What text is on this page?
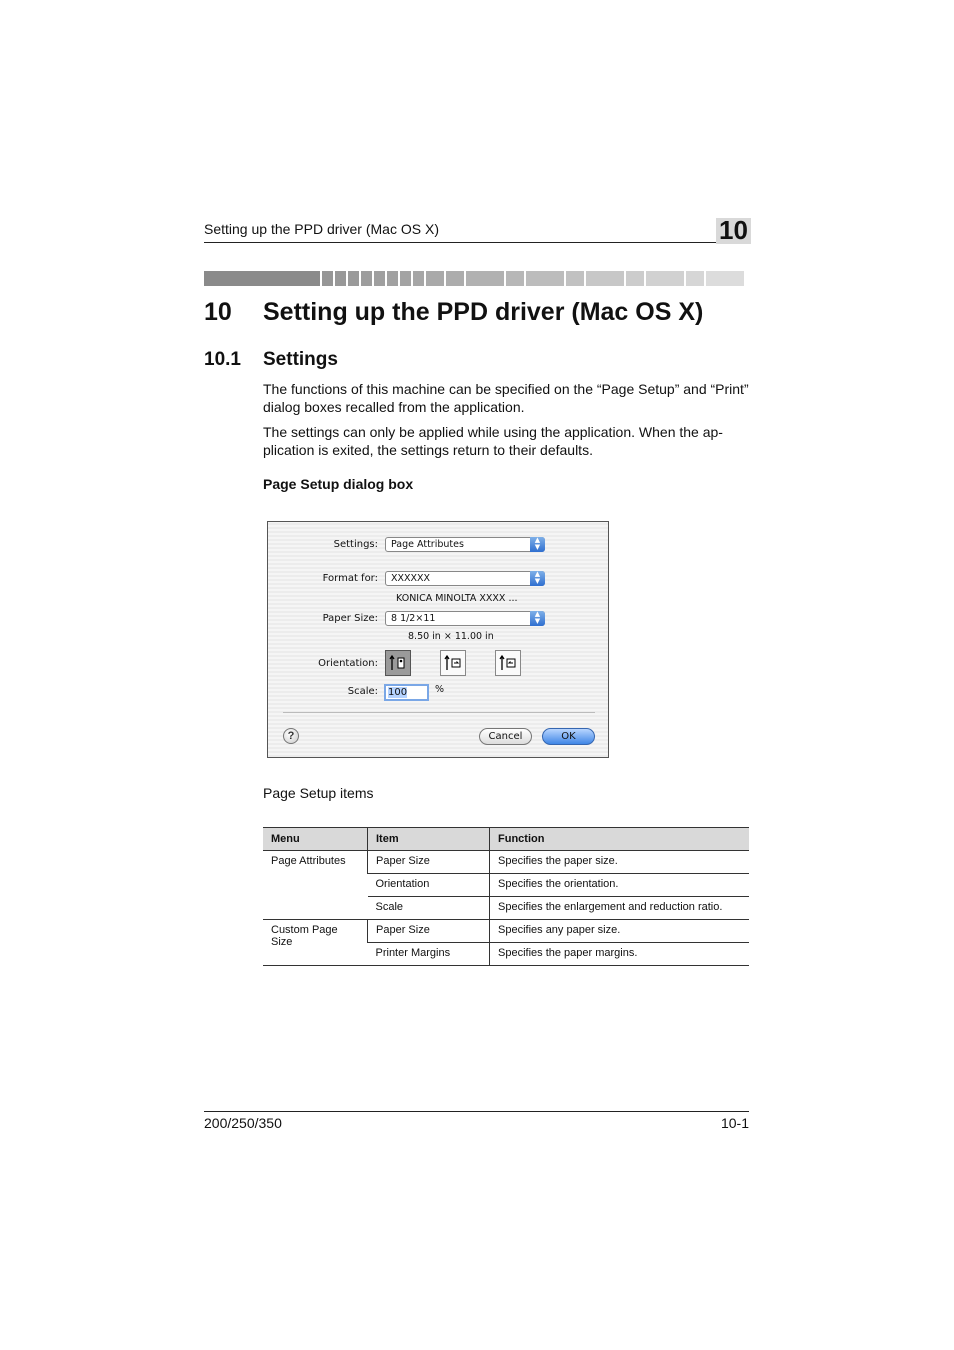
Setting up the PPD driver (Mac OS X)	10
10 Setting up the PPD driver (Mac OS X)
10.1 Settings
The functions of this machine can be specified on the “Page Setup” and “Print” dialog boxes recalled from the application.
The settings can only be applied while using the application. When the ap-plication is exited, the settings return to their defaults.
Page Setup dialog box
Settings:	Page Attributes	▲
▼
Format for:	XXXXXX	▲
▼
KONICA MINOLTA XXXX ...
Paper Size:	8 1/2×11	▲
▼
8.50 in × 11.00 in
Orientation:
Scale:	100	%
?	Cancel	OK
Page Setup items
Menu	Item	Function
Page Attributes	Paper Size	Specifies the paper size.
	Orientation	Specifies the orientation.
	Scale	Specifies the enlargement and reduction ratio.
Custom Page Size	Paper Size	Specifies any paper size.
	Printer Margins	Specifies the paper margins.
200/250/350	10-1
